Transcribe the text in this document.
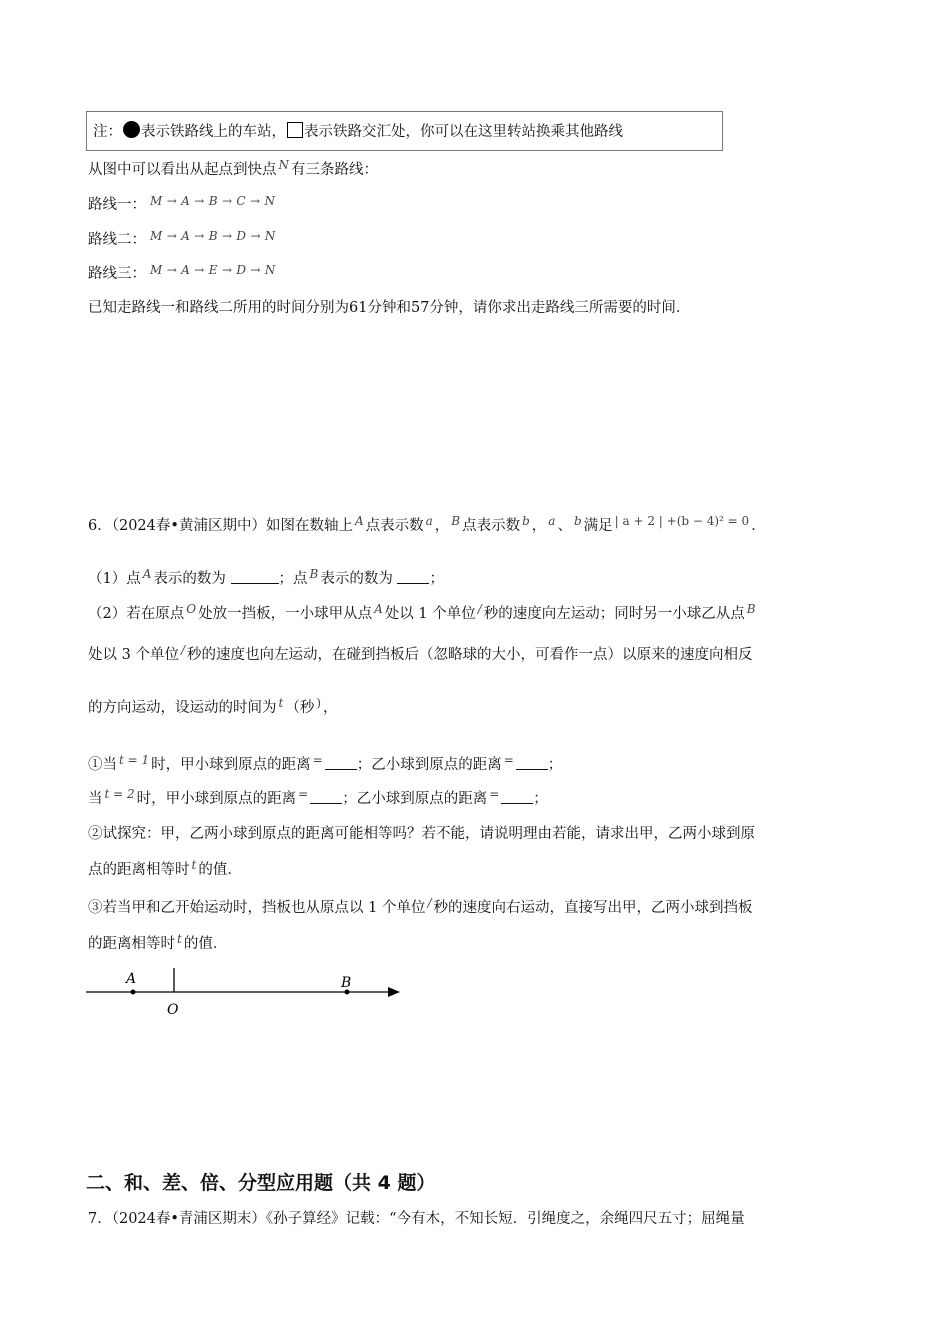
注： 表示铁路线上的车站， 表示铁路交汇处，你可以在这里转站换乘其他路线
从图中可以看出从起点到快点 $^N$ 有三条路线：
路线一： $^{M \to A \to B \to C \to N}$
路线二： $^{M \to A \to B \to D \to N}$
路线三： $^{M \to A \to E \to D \to N}$
已知走路线一和路线二所用的时间分别为61分钟和57分钟，请你求出走路线三所需要的时间．
6．（2024春•黄浦区期中）如图在数轴上 $^A$ 点表示数 $^a$ ， $^B$ 点表示数 $^b$ ， $^a$ 、 $^b$ 满足 $^{| a + 2 | +(b - 4)^2 = 0}$ ．
（1）点 $^A$ 表示的数为	；点 $^B$ 表示的数为	；
（2）若在原点 $^O$ 处放一挡板，一小球甲从点 $^A$ 处以 1 个单位 / 秒的速度向左运动；同时另一小球乙从点 $^B$
处以 3 个单位 / 秒的速度也向左运动，在碰到挡板后（忽略球的大小，可看作一点）以原来的速度向相反
的方向运动，设运动的时间为 $^t$ （秒 ) ，
①当 $^{t = 1}$ 时，甲小球到原点的距离 = ；乙小球到原点的距离 = ；
当 $^{t = 2}$ 时，甲小球到原点的距离 = ；乙小球到原点的距离 = ；
②试探究：甲，乙两小球到原点的距离可能相等吗？若不能，请说明理由若能，请求出甲，乙两小球到原
点的距离相等时 $^t$ 的值．
③若当甲和乙开始运动时，挡板也从原点以 1 个单位 / 秒的速度向右运动，直接写出甲，乙两小球到挡板
的距离相等时 $^t$ 的值．
A
O
B
二、和、差、倍、分型应用题（共 4 题）
7．（2024春•青浦区期末）《孙子算经》记载：“今有木，不知长短．引绳度之，余绳四尺五寸；屈绳量
